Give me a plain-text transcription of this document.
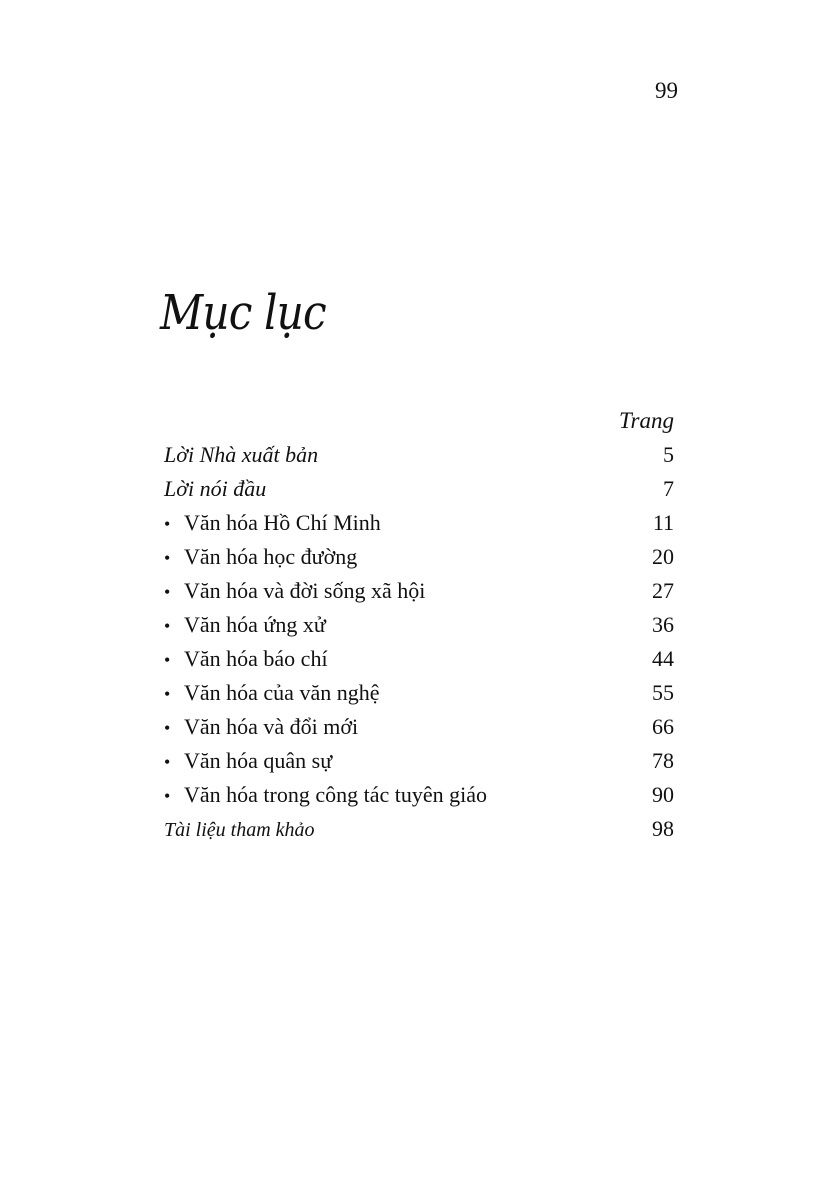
99
Mục lục
Trang
Lời Nhà xuất bản	5
Lời nói đầu	7
• Văn hóa Hồ Chí Minh	11
• Văn hóa học đường	20
• Văn hóa và đời sống xã hội	27
• Văn hóa ứng xử	36
• Văn hóa báo chí	44
• Văn hóa của văn nghệ	55
• Văn hóa và đổi mới	66
• Văn hóa quân sự	78
• Văn hóa trong công tác tuyên giáo	90
Tài liệu tham khảo	98
